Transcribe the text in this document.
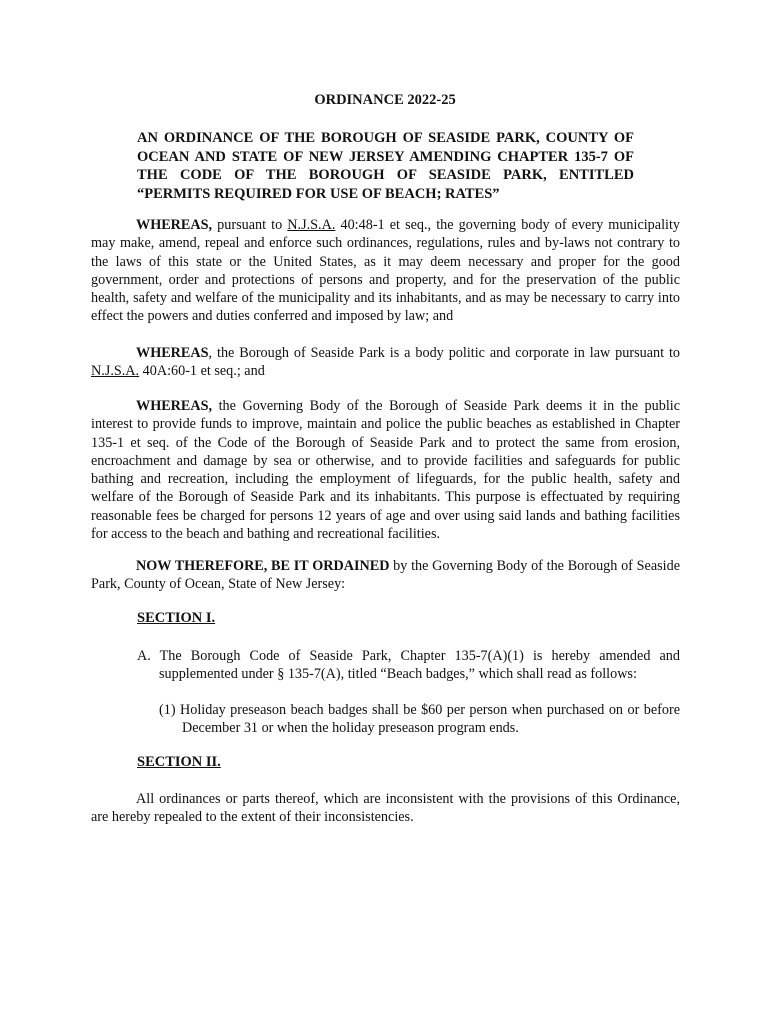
ORDINANCE 2022-25
AN ORDINANCE OF THE BOROUGH OF SEASIDE PARK, COUNTY OF OCEAN AND STATE OF NEW JERSEY AMENDING CHAPTER 135-7 OF THE CODE OF THE BOROUGH OF SEASIDE PARK, ENTITLED “PERMITS REQUIRED FOR USE OF BEACH; RATES”

WHEREAS, pursuant to N.J.S.A. 40:48-1 et seq., the governing body of every municipality may make, amend, repeal and enforce such ordinances, regulations, rules and by-laws not contrary to the laws of this state or the United States, as it may deem necessary and proper for the good government, order and protections of persons and property, and for the preservation of the public health, safety and welfare of the municipality and its inhabitants, and as may be necessary to carry into effect the powers and duties conferred and imposed by law; and

WHEREAS, the Borough of Seaside Park is a body politic and corporate in law pursuant to N.J.S.A. 40A:60-1 et seq.; and

WHEREAS, the Governing Body of the Borough of Seaside Park deems it in the public interest to provide funds to improve, maintain and police the public beaches as established in Chapter 135-1 et seq. of the Code of the Borough of Seaside Park and to protect the same from erosion, encroachment and damage by sea or otherwise, and to provide facilities and safeguards for public bathing and recreation, including the employment of lifeguards, for the public health, safety and welfare of the Borough of Seaside Park and its inhabitants. This purpose is effectuated by requiring reasonable fees be charged for persons 12 years of age and over using said lands and bathing facilities for access to the beach and bathing and recreational facilities.

NOW THEREFORE, BE IT ORDAINED by the Governing Body of the Borough of Seaside Park, County of Ocean, State of New Jersey:

SECTION I.
A. The Borough Code of Seaside Park, Chapter 135-7(A)(1) is hereby amended and supplemented under § 135-7(A), titled “Beach badges,” which shall read as follows:
(1) Holiday preseason beach badges shall be $60 per person when purchased on or before December 31 or when the holiday preseason program ends.
SECTION II.

All ordinances or parts thereof, which are inconsistent with the provisions of this Ordinance, are hereby repealed to the extent of their inconsistencies.
